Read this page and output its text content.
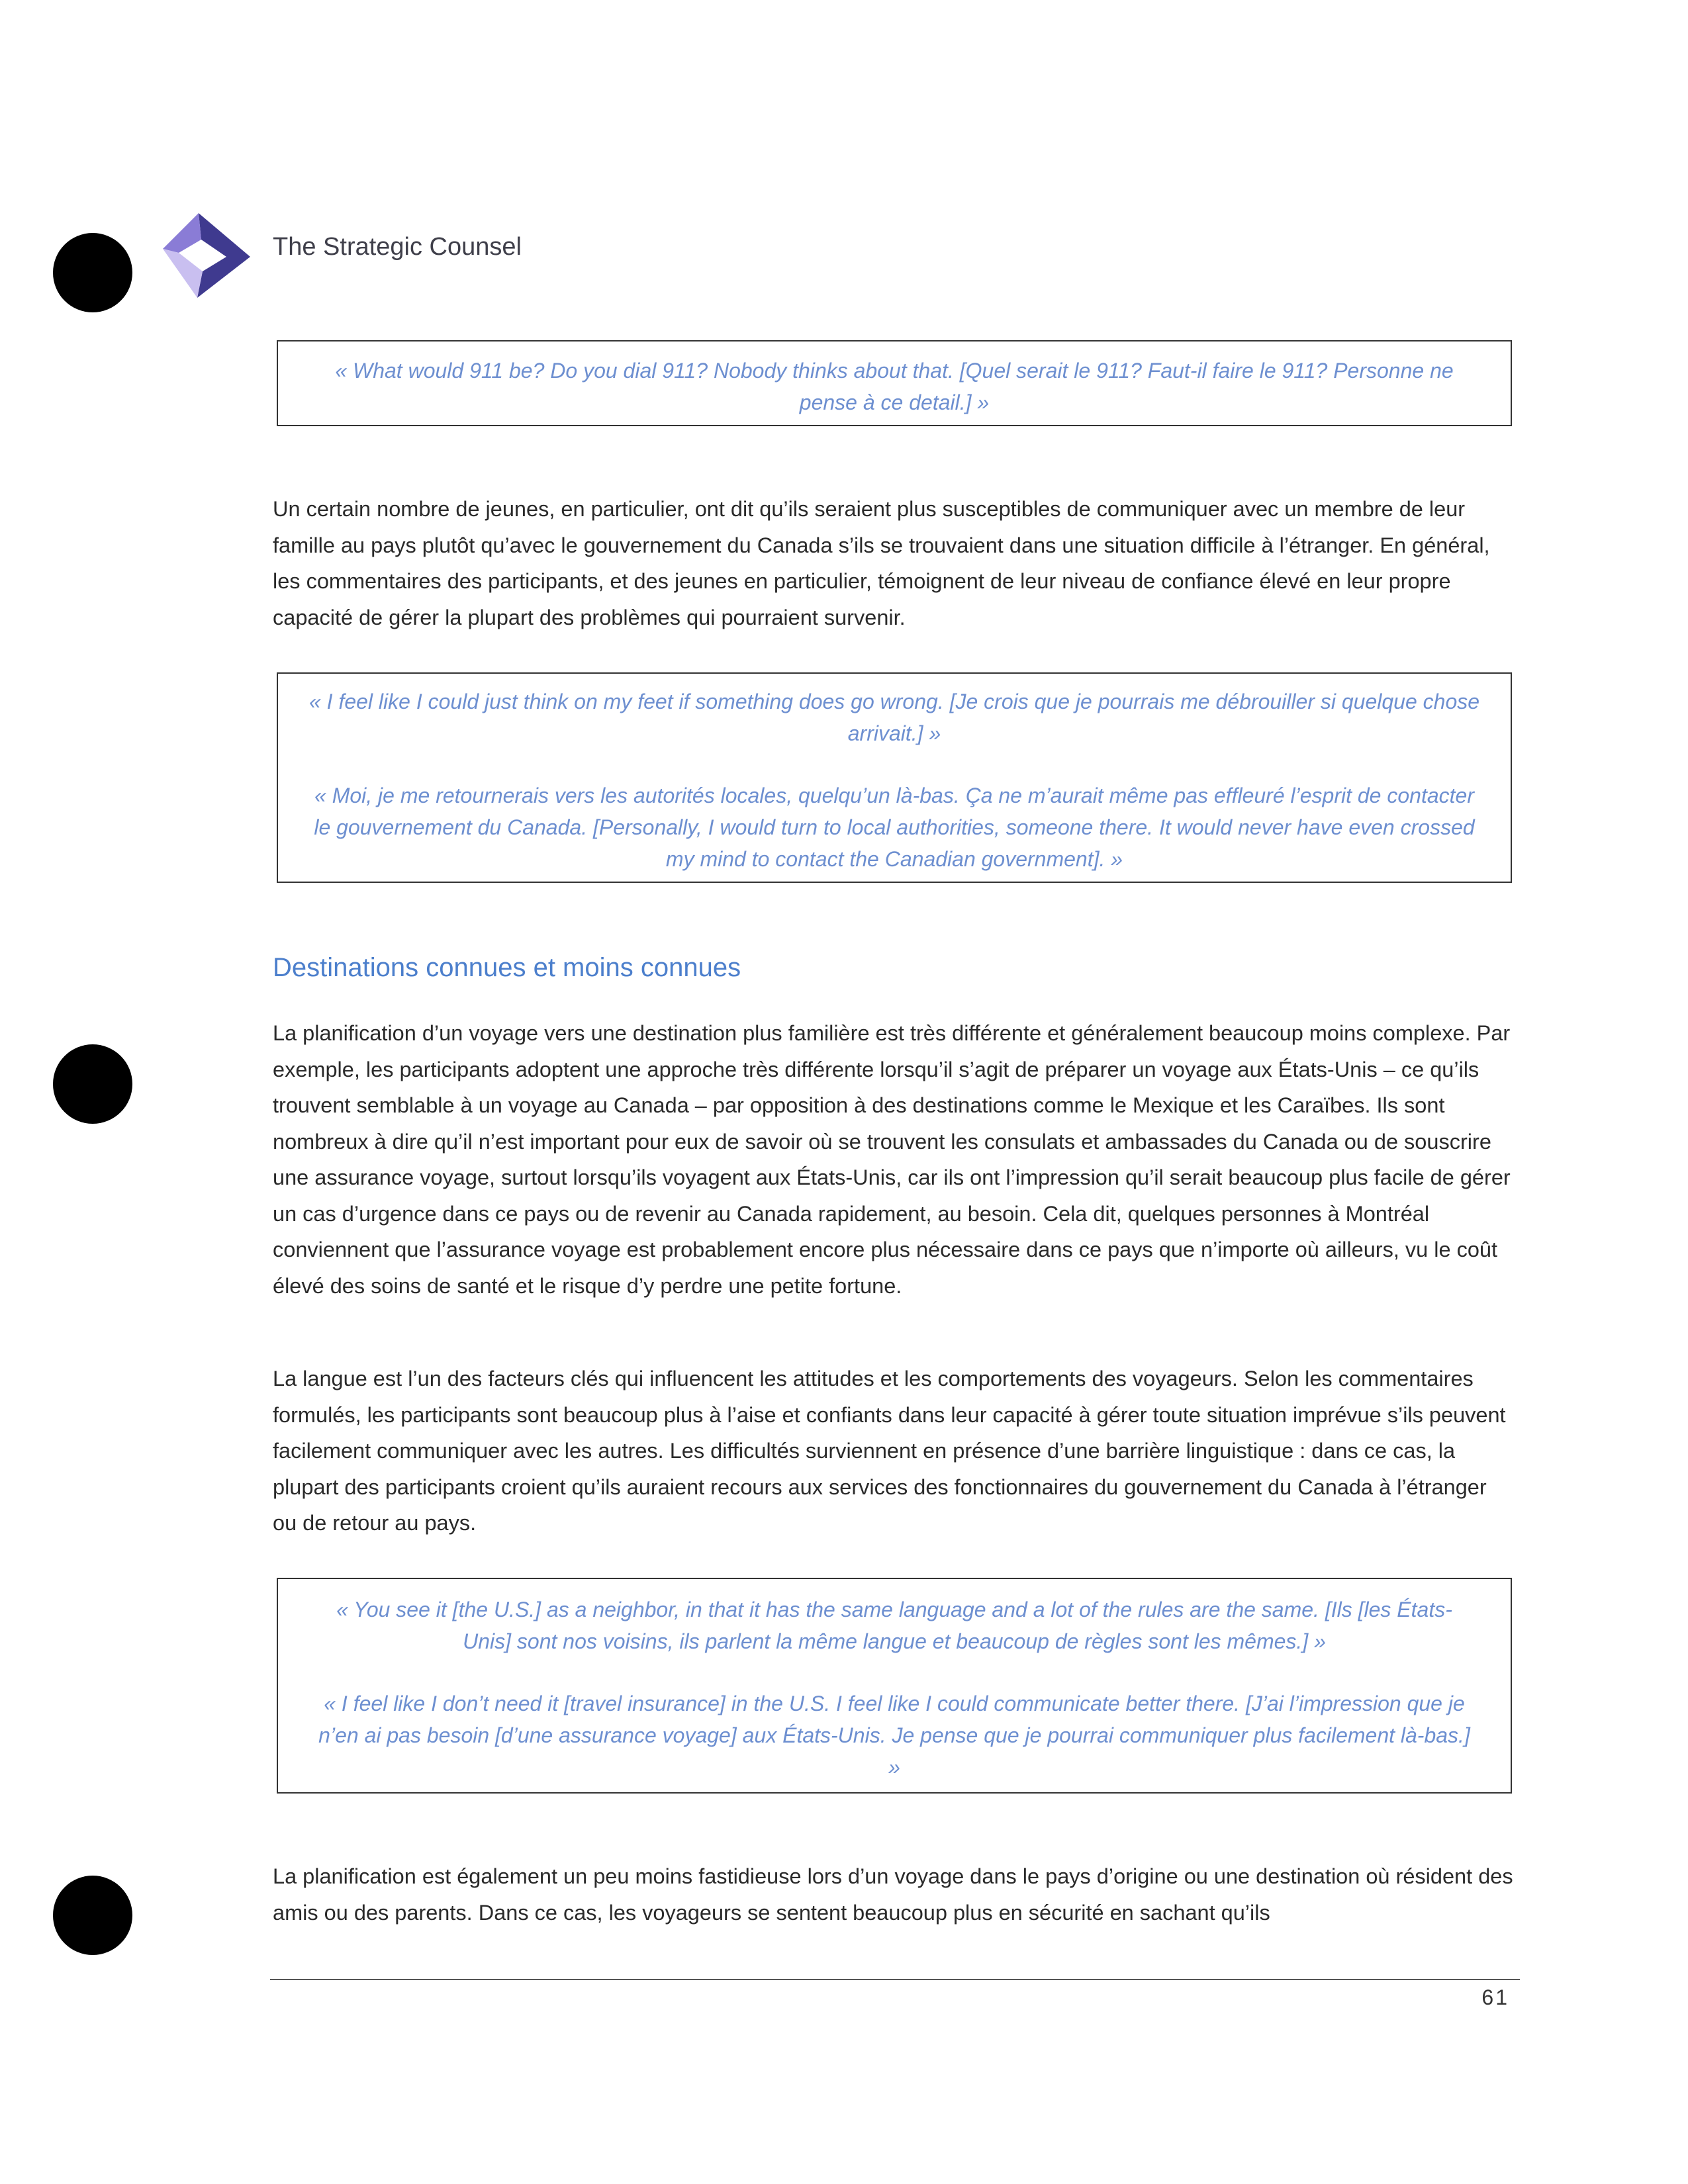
The Strategic Counsel

« What would 911 be? Do you dial 911? Nobody thinks about that. [Quel serait le 911? Faut-il faire le 911? Personne ne pense à ce detail.] »

Un certain nombre de jeunes, en particulier, ont dit qu’ils seraient plus susceptibles de communiquer avec un membre de leur famille au pays plutôt qu’avec le gouvernement du Canada s’ils se trouvaient dans une situation difficile à l’étranger. En général, les commentaires des participants, et des jeunes en particulier, témoignent de leur niveau de confiance élevé en leur propre capacité de gérer la plupart des problèmes qui pourraient survenir.

« I feel like I could just think on my feet if something does go wrong. [Je crois que je pourrais me débrouiller si quelque chose arrivait.] »

« Moi, je me retournerais vers les autorités locales, quelqu’un là-bas. Ça ne m’aurait même pas effleuré l’esprit de contacter le gouvernement du Canada. [Personally, I would turn to local authorities, someone there. It would never have even crossed my mind to contact the Canadian government]. »

Destinations connues et moins connues

La planification d’un voyage vers une destination plus familière est très différente et généralement beaucoup moins complexe. Par exemple, les participants adoptent une approche très différente lorsqu’il s’agit de préparer un voyage aux États-Unis – ce qu’ils trouvent semblable à un voyage au Canada – par opposition à des destinations comme le Mexique et les Caraïbes. Ils sont nombreux à dire qu’il n’est important pour eux de savoir où se trouvent les consulats et ambassades du Canada ou de souscrire une assurance voyage, surtout lorsqu’ils voyagent aux États-Unis, car ils ont l’impression qu’il serait beaucoup plus facile de gérer un cas d’urgence dans ce pays ou de revenir au Canada rapidement, au besoin. Cela dit, quelques personnes à Montréal conviennent que l’assurance voyage est probablement encore plus nécessaire dans ce pays que n’importe où ailleurs, vu le coût élevé des soins de santé et le risque d’y perdre une petite fortune.

La langue est l’un des facteurs clés qui influencent les attitudes et les comportements des voyageurs. Selon les commentaires formulés, les participants sont beaucoup plus à l’aise et confiants dans leur capacité à gérer toute situation imprévue s’ils peuvent facilement communiquer avec les autres. Les difficultés surviennent en présence d’une barrière linguistique : dans ce cas, la plupart des participants croient qu’ils auraient recours aux services des fonctionnaires du gouvernement du Canada à l’étranger ou de retour au pays.

« You see it [the U.S.] as a neighbor, in that it has the same language and a lot of the rules are the same. [Ils [les États-Unis] sont nos voisins, ils parlent la même langue et beaucoup de règles sont les mêmes.] »

« I feel like I don’t need it [travel insurance] in the U.S. I feel like I could communicate better there. [J’ai l’impression que je n’en ai pas besoin [d’une assurance voyage] aux États-Unis. Je pense que je pourrai communiquer plus facilement là-bas.] »

La planification est également un peu moins fastidieuse lors d’un voyage dans le pays d’origine ou une destination où résident des amis ou des parents. Dans ce cas, les voyageurs se sentent beaucoup plus en sécurité en sachant qu’ils

61
